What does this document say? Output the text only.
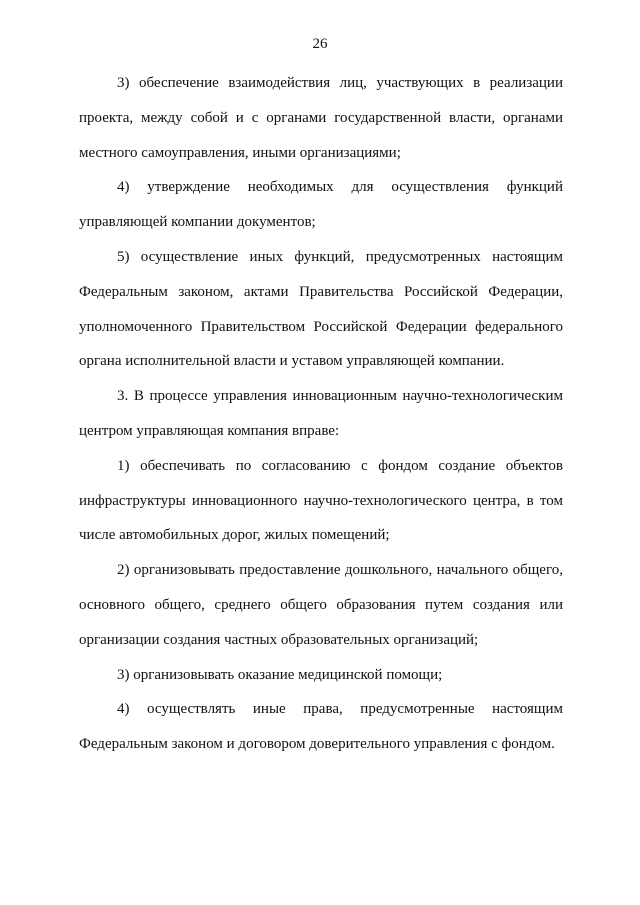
26
3) обеспечение взаимодействия лиц, участвующих в реализации
проекта, между собой и с органами государственной власти, органами
местного самоуправления, иными организациями;
4) утверждение необходимых для осуществления функций
управляющей компании документов;
5) осуществление иных функций, предусмотренных настоящим
Федеральным законом, актами Правительства Российской Федерации,
уполномоченного Правительством Российской Федерации федерального
органа исполнительной власти и уставом управляющей компании.
3. В процессе управления инновационным научно-технологическим
центром управляющая компания вправе:
1) обеспечивать по согласованию с фондом создание объектов
инфраструктуры инновационного научно-технологического центра, в том
числе автомобильных дорог, жилых помещений;
2) организовывать предоставление дошкольного, начального общего,
основного общего, среднего общего образования путем создания или
организации создания частных образовательных организаций;
3) организовывать оказание медицинской помощи;
4) осуществлять иные права, предусмотренные настоящим
Федеральным законом и договором доверительного управления с фондом.
